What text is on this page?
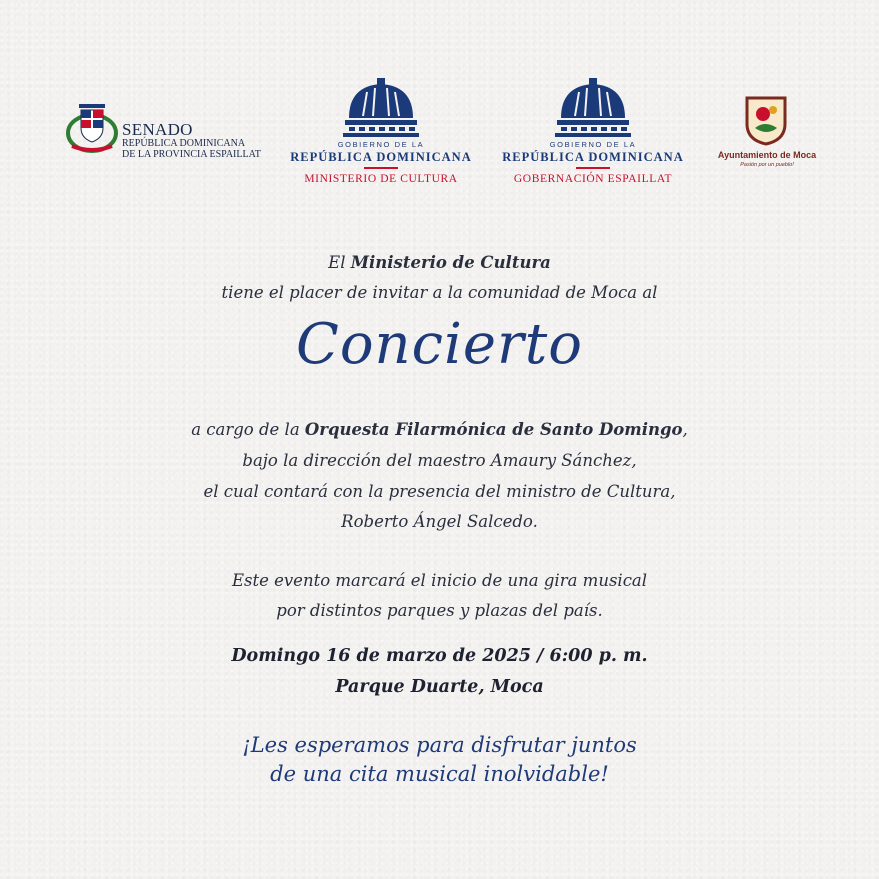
SENADO
REPÚBLICA DOMINICANA
DE LA PROVINCIA ESPAILLAT
GOBIERNO DE LA
REPÚBLICA DOMINICANA
MINISTERIO DE CULTURA
GOBIERNO DE LA
REPÚBLICA DOMINICANA
GOBERNACIÓN ESPAILLAT
Ayuntamiento de Moca
Pasión por un pueblo!
El Ministerio de Cultura
tiene el placer de invitar a la comunidad de Moca al
Concierto
a cargo de la Orquesta Filarmónica de Santo Domingo,
bajo la dirección del maestro Amaury Sánchez,
el cual contará con la presencia del ministro de Cultura,
Roberto Ángel Salcedo.
Este evento marcará el inicio de una gira musical
por distintos parques y plazas del país.
Domingo 16 de marzo de 2025 / 6:00 p. m.
Parque Duarte, Moca
¡Les esperamos para disfrutar juntos
de una cita musical inolvidable!
